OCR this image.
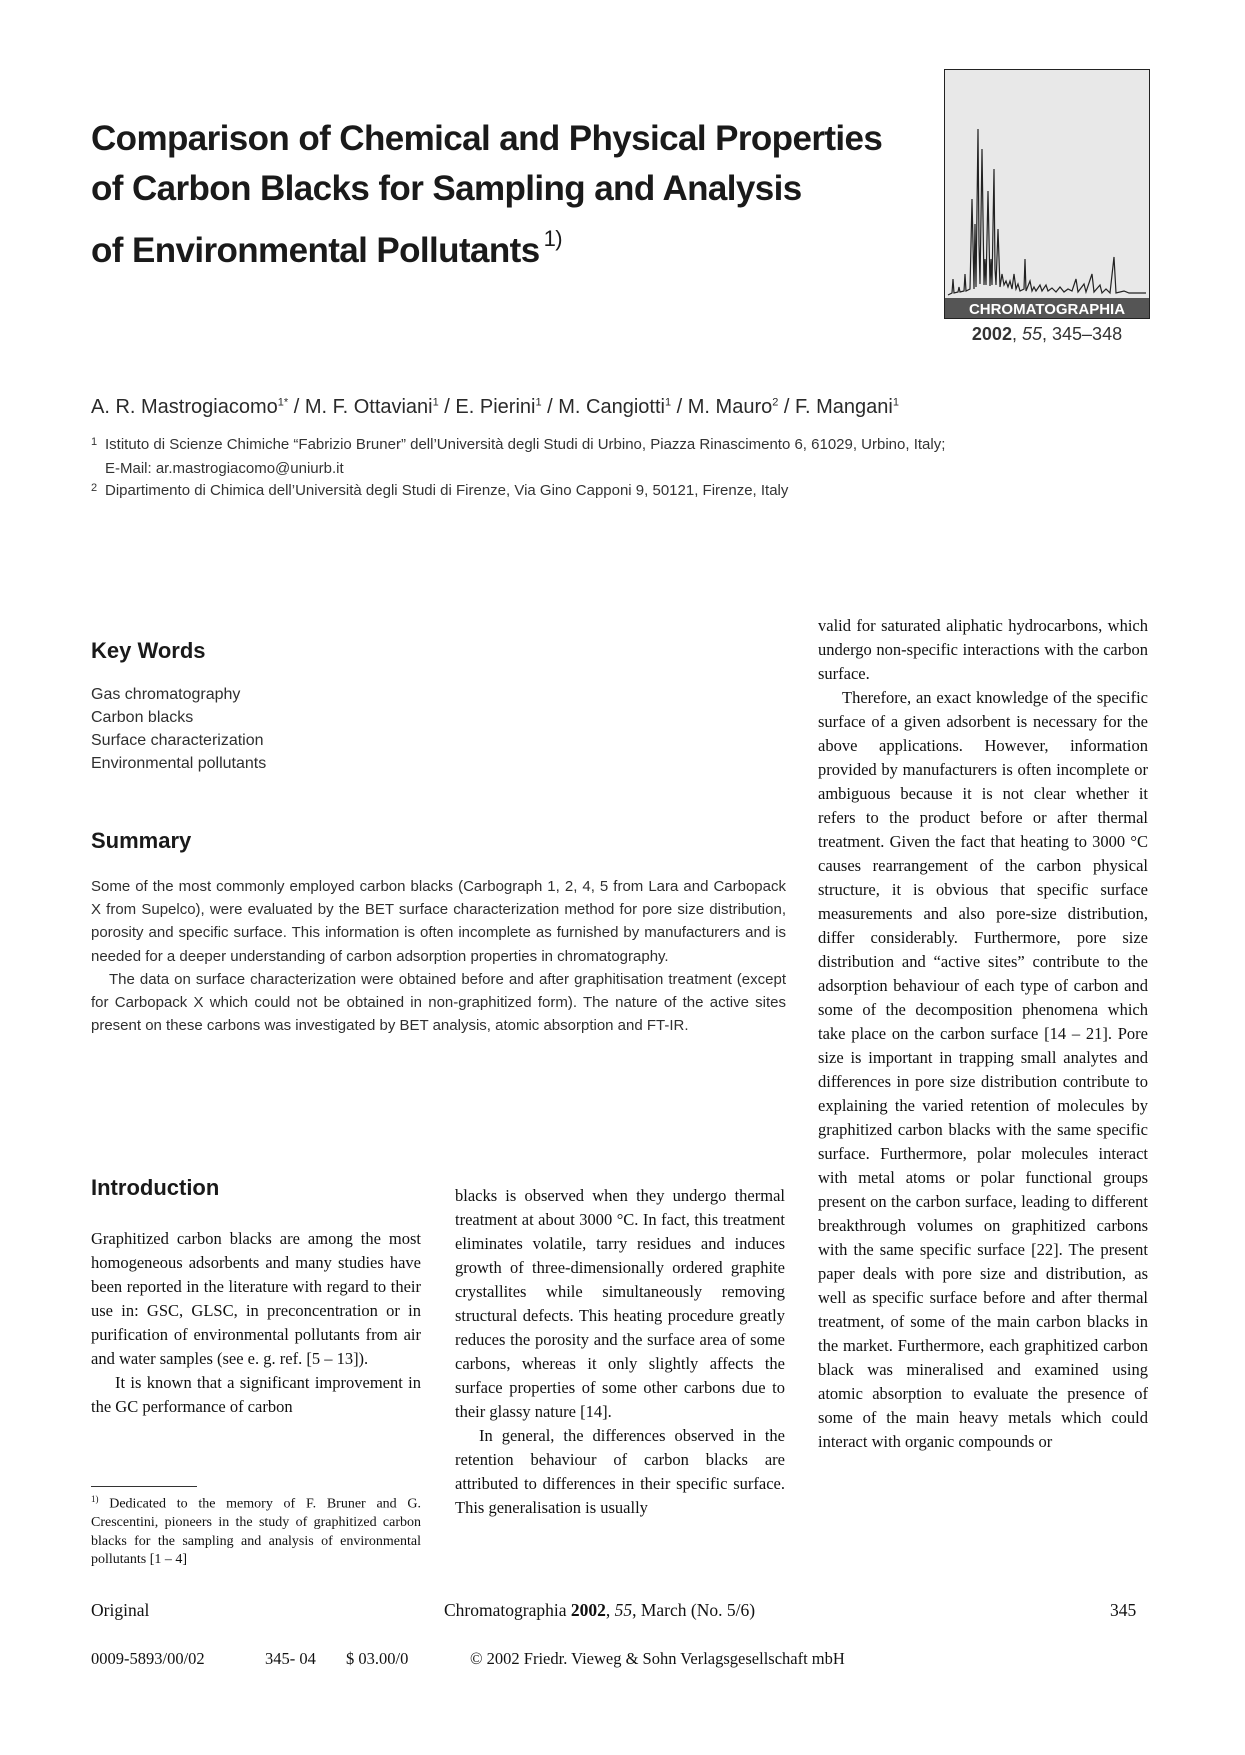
Comparison of Chemical and Physical Properties
of Carbon Blacks for Sampling and Analysis
of Environmental Pollutants $^{1)}$
CHROMATOGRAPHIA
2002, 55, 345–348
A. R. Mastrogiacomo$^{1*}$ / M. F. Ottaviani$^1$ / E. Pierini$^1$ / M. Cangiotti$^1$ / M. Mauro$^2$ / F. Mangani$^1$
1 Istituto di Scienze Chimiche “Fabrizio Bruner” dell’Università degli Studi di Urbino, Piazza Rinascimento 6, 61029, Urbino, Italy;
E-Mail: ar.mastrogiacomo@uniurb.it
2 Dipartimento di Chimica dell’Università degli Studi di Firenze, Via Gino Capponi 9, 50121, Firenze, Italy
Key Words
Gas chromatography
Carbon blacks
Surface characterization
Environmental pollutants
Summary

Some of the most commonly employed carbon blacks (Carbograph 1, 2, 4, 5 from Lara and Carbopack X from Supelco), were evaluated by the BET surface characterization method for pore size distribution, porosity and specific surface. This information is often incomplete as furnished by manufacturers and is needed for a deeper understanding of carbon adsorption properties in chromatography.

The data on surface characterization were obtained before and after graphitisation treatment (except for Carbopack X which could not be obtained in non-graphitized form). The nature of the active sites present on these carbons was investigated by BET analysis, atomic absorption and FT-IR.

Introduction

Graphitized carbon blacks are among the most homogeneous adsorbents and many studies have been reported in the literature with regard to their use in: GSC, GLSC, in preconcentration or in purification of environmental pollutants from air and water samples (see e. g. ref. [5 – 13]).

It is known that a significant improvement in the GC performance of carbon

blacks is observed when they undergo thermal treatment at about 3000 °C. In fact, this treatment eliminates volatile, tarry residues and induces growth of three-dimensionally ordered graphite crystallites while simultaneously removing structural defects. This heating procedure greatly reduces the porosity and the surface area of some carbons, whereas it only slightly affects the surface properties of some other carbons due to their glassy nature [14].

In general, the differences observed in the retention behaviour of carbon blacks are attributed to differences in their specific surface. This generalisation is usually

valid for saturated aliphatic hydrocarbons, which undergo non-specific interactions with the carbon surface.

Therefore, an exact knowledge of the specific surface of a given adsorbent is necessary for the above applications. However, information provided by manufacturers is often incomplete or ambiguous because it is not clear whether it refers to the product before or after thermal treatment. Given the fact that heating to 3000 °C causes rearrangement of the carbon physical structure, it is obvious that specific surface measurements and also pore-size distribution, differ considerably. Furthermore, pore size distribution and “active sites” contribute to the adsorption behaviour of each type of carbon and some of the decomposition phenomena which take place on the carbon surface [14 – 21]. Pore size is important in trapping small analytes and differences in pore size distribution contribute to explaining the varied retention of molecules by graphitized carbon blacks with the same specific surface. Furthermore, polar molecules interact with metal atoms or polar functional groups present on the carbon surface, leading to different breakthrough volumes on graphitized carbons with the same specific surface [22]. The present paper deals with pore size and distribution, as well as specific surface before and after thermal treatment, of some of the main carbon blacks in the market. Furthermore, each graphitized carbon black was mineralised and examined using atomic absorption to evaluate the presence of some of the main heavy metals which could interact with organic compounds or

$^{1)}$ Dedicated to the memory of F. Bruner and G. Crescentini, pioneers in the study of graphitized carbon blacks for the sampling and analysis of environmental pollutants [1 – 4]
Original	Chromatographia 2002, 55, March (No. 5/6)	345
0009-5893/00/02	345- 04 $ 03.00/0	© 2002 Friedr. Vieweg & Sohn Verlagsgesellschaft mbH
